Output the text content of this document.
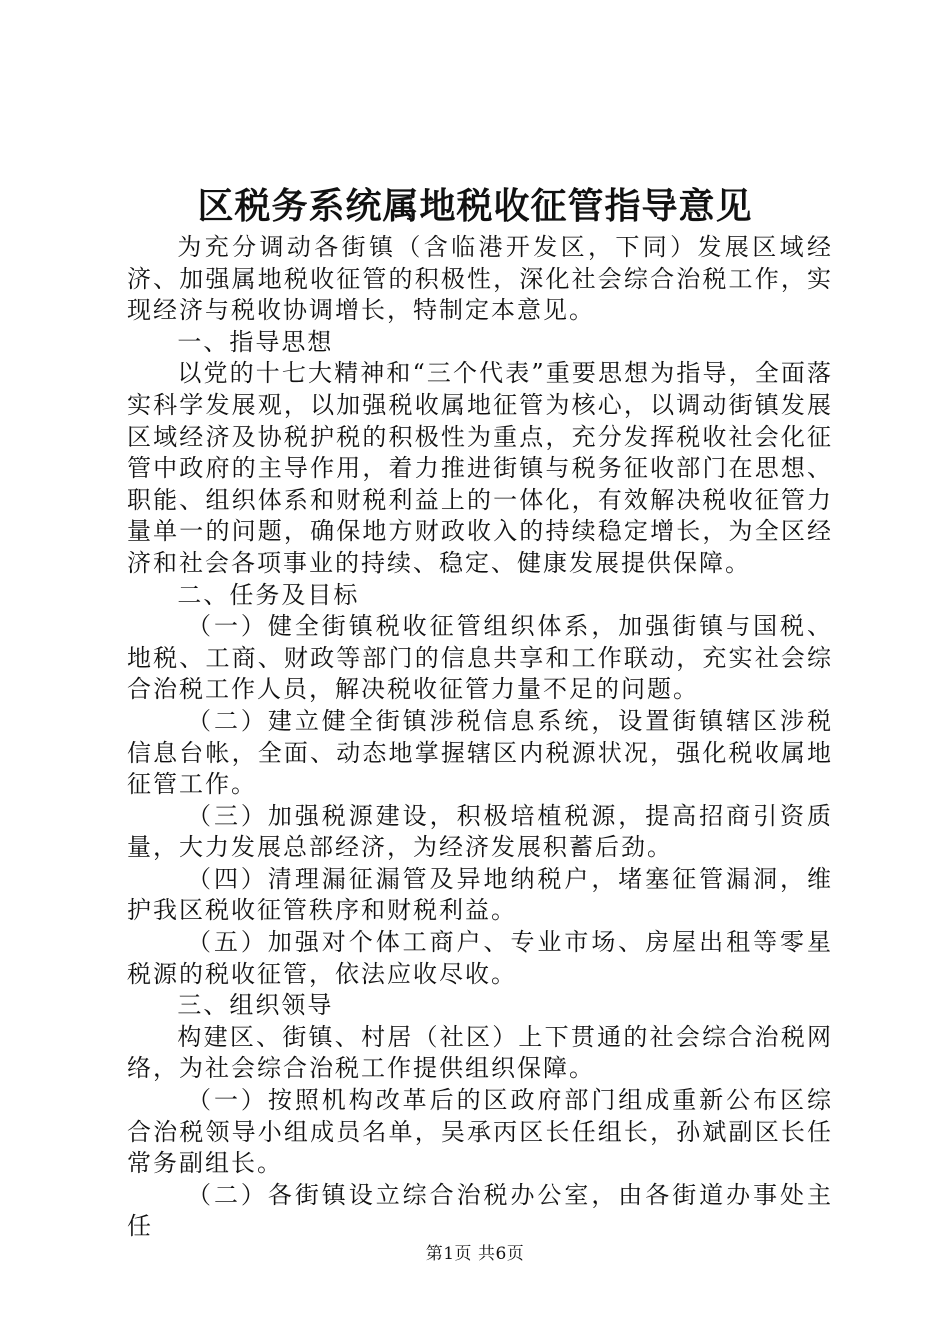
区税务系统属地税收征管指导意见

为充分调动各街镇（含临港开发区，下同）发展区域经济、加强属地税收征管的积极性，深化社会综合治税工作，实现经济与税收协调增长，特制定本意见。

一、指导思想

以党的十七大精神和“三个代表”重要思想为指导，全面落实科学发展观，以加强税收属地征管为核心，以调动街镇发展区域经济及协税护税的积极性为重点，充分发挥税收社会化征管中政府的主导作用，着力推进街镇与税务征收部门在思想、职能、组织体系和财税利益上的一体化，有效解决税收征管力量单一的问题，确保地方财政收入的持续稳定增长，为全区经济和社会各项事业的持续、稳定、健康发展提供保障。

二、任务及目标

（一）健全街镇税收征管组织体系，加强街镇与国税、地税、工商、财政等部门的信息共享和工作联动，充实社会综合治税工作人员，解决税收征管力量不足的问题。

（二）建立健全街镇涉税信息系统，设置街镇辖区涉税信息台帐，全面、动态地掌握辖区内税源状况，强化税收属地征管工作。

（三）加强税源建设，积极培植税源，提高招商引资质量，大力发展总部经济，为经济发展积蓄后劲。

（四）清理漏征漏管及异地纳税户，堵塞征管漏洞，维护我区税收征管秩序和财税利益。

（五）加强对个体工商户、专业市场、房屋出租等零星税源的税收征管，依法应收尽收。

三、组织领导

构建区、街镇、村居（社区）上下贯通的社会综合治税网络，为社会综合治税工作提供组织保障。

（一）按照机构改革后的区政府部门组成重新公布区综合治税领导小组成员名单，吴承丙区长任组长，孙斌副区长任常务副组长。

（二）各街镇设立综合治税办公室，由各街道办事处主任

第1页 共6页
